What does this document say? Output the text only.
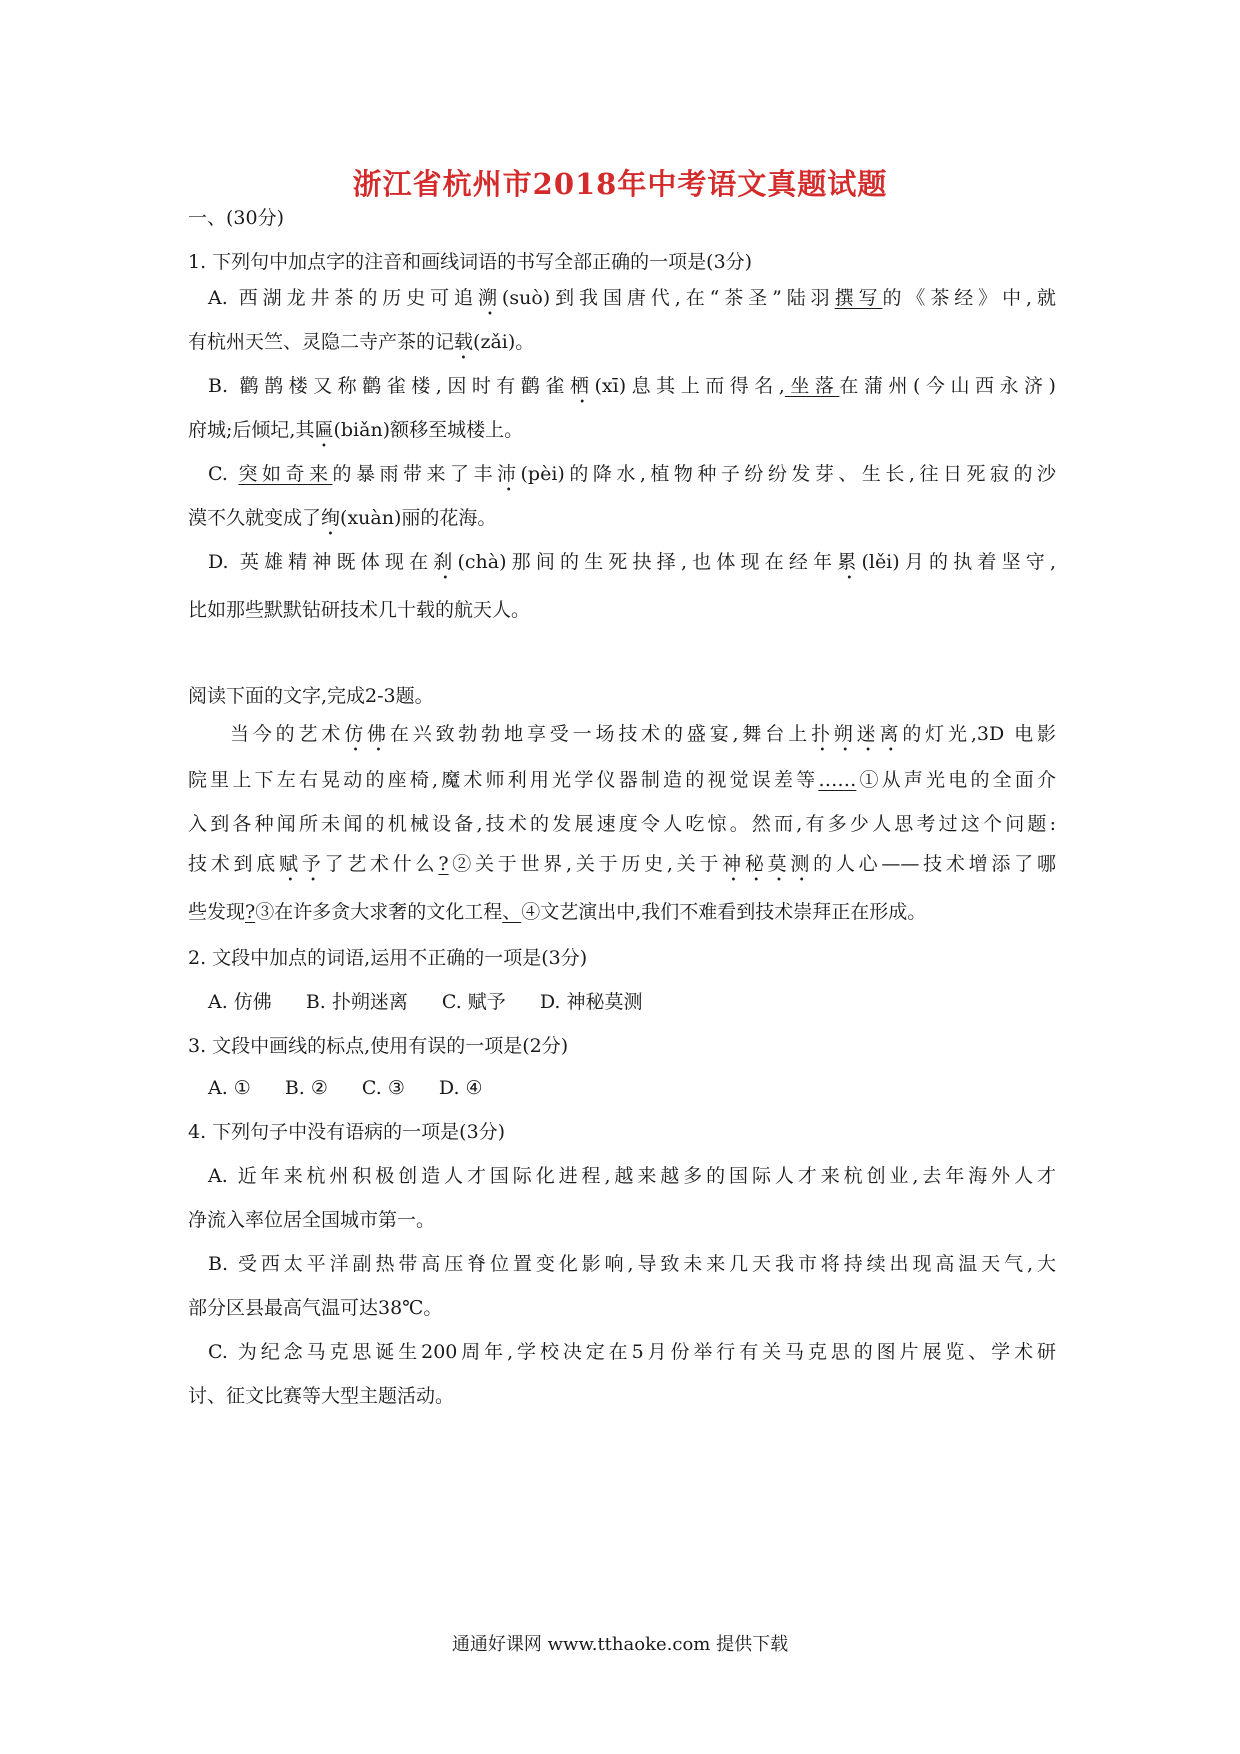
浙江省杭州市2018年中考语文真题试题
一、(30分)
1. 下列句中加点字的注音和画线词语的书写全部正确的一项是(3分)
A. 西湖龙井茶的历史可追溯(suò)到我国唐代,在“茶圣”陆羽撰写的《茶经》中,就
有杭州天竺、灵隐二寺产茶的记载(zǎi)。
B. 鹳鹊楼又称鹳雀楼,因时有鹳雀栖(xī)息其上而得名,坐落在蒲州(今山西永济)
府城;后倾圮,其匾(biǎn)额移至城楼上。
C. 突如奇来的暴雨带来了丰沛(pèi)的降水,植物种子纷纷发芽、生长,往日死寂的沙
漠不久就变成了绚(xuàn)丽的花海。
D. 英雄精神既体现在刹(chà)那间的生死抉择,也体现在经年累(lěi)月的执着坚守,
比如那些默默钻研技术几十载的航天人。
阅读下面的文字,完成2-3题。
当今的艺术仿佛在兴致勃勃地享受一场技术的盛宴,舞台上扑朔迷离的灯光,3D 电影
院里上下左右晃动的座椅,魔术师利用光学仪器制造的视觉误差等……①从声光电的全面介
入到各种闻所未闻的机械设备,技术的发展速度令人吃惊。然而,有多少人思考过这个问题:
技术到底赋予了艺术什么?②关于世界,关于历史,关于神秘莫测的人心——技术增添了哪
些发现?③在许多贪大求奢的文化工程、④文艺演出中,我们不难看到技术崇拜正在形成。
2. 文段中加点的词语,运用不正确的一项是(3分)
A. 仿佛 B. 扑朔迷离 C. 赋予 D. 神秘莫测
3. 文段中画线的标点,使用有误的一项是(2分)
A. ① B. ② C. ③ D. ④
4. 下列句子中没有语病的一项是(3分)
A. 近年来杭州积极创造人才国际化进程,越来越多的国际人才来杭创业,去年海外人才
净流入率位居全国城市第一。
B. 受西太平洋副热带高压脊位置变化影响,导致未来几天我市将持续出现高温天气,大
部分区县最高气温可达38℃。
C. 为纪念马克思诞生200周年,学校决定在5月份举行有关马克思的图片展览、学术研
讨、征文比赛等大型主题活动。
通通好课网 www.tthaoke.com 提供下载
